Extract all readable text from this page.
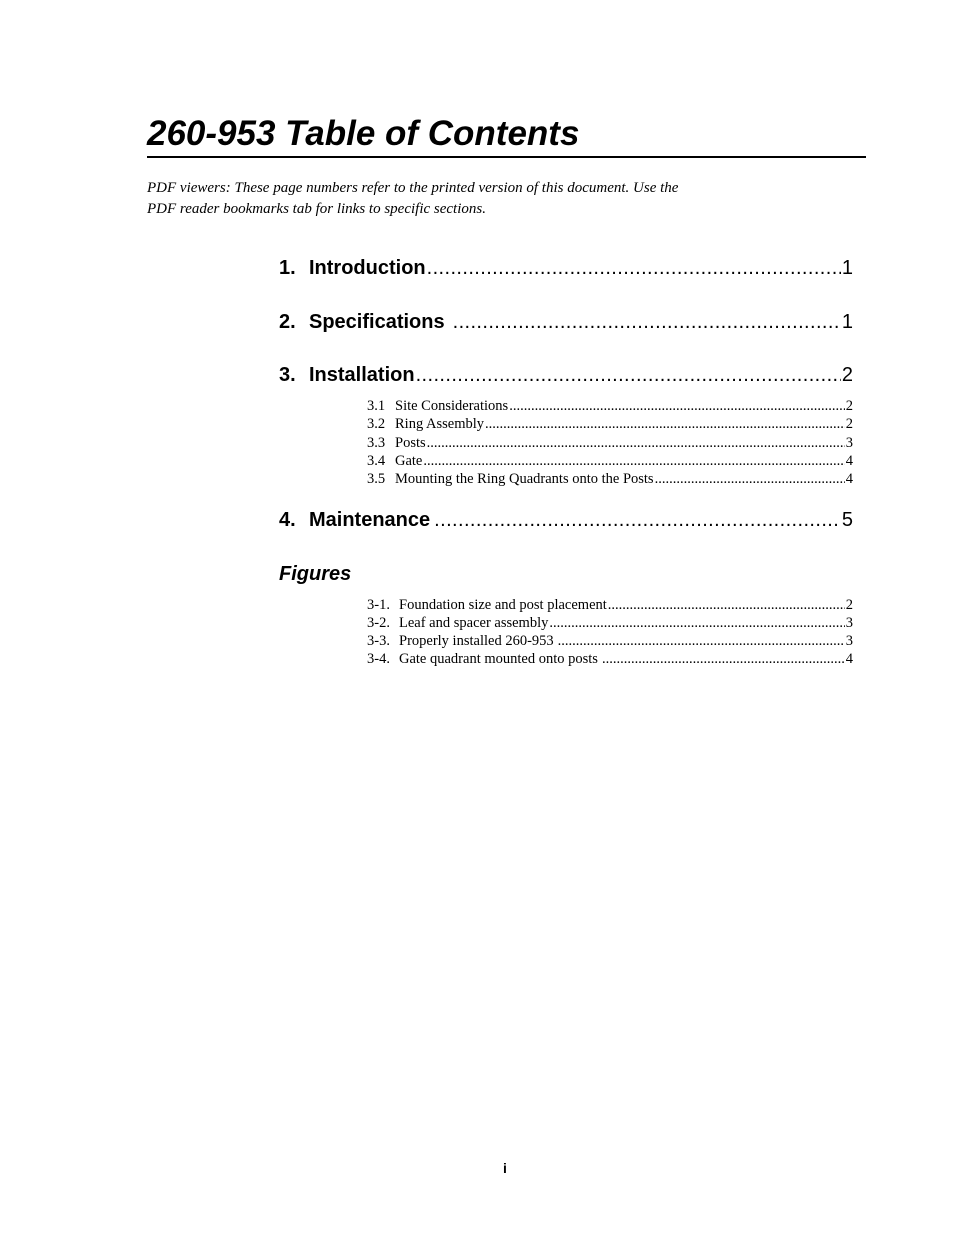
260-953 Table of Contents
PDF viewers: These page numbers refer to the printed version of this document. Use the
PDF reader bookmarks tab for links to specific sections.
1. Introduction .....	1
2. Specifications .....	1
3. Installation .....	2
3.1 Site Considerations .....	2
3.2 Ring Assembly .....	2
3.3 Posts .....	3
3.4 Gate .....	4
3.5 Mounting the Ring Quadrants onto the Posts .....	4
4. Maintenance .....	5
Figures
3-1. Foundation size and post placement .....	2
3-2. Leaf and spacer assembly .....	3
3-3. Properly installed 260-953 .....	3
3-4. Gate quadrant mounted onto posts .....	4
i
